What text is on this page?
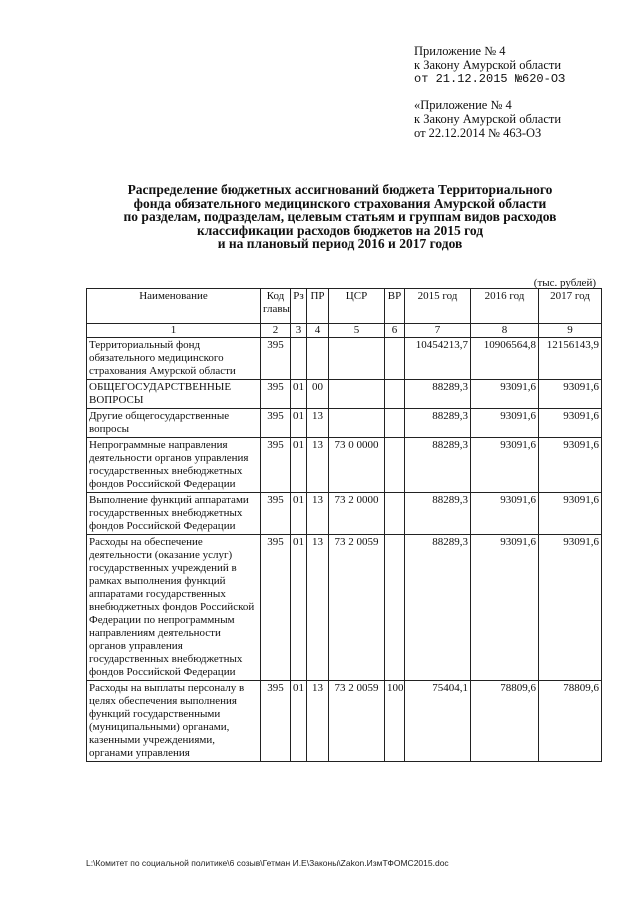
Приложение № 4
к Закону Амурской области
от 21.12.2015 №620-ОЗ
«Приложение № 4
к Закону Амурской области
от 22.12.2014 № 463-ОЗ
Распределение бюджетных ассигнований бюджета Территориального
фонда обязательного медицинского страхования Амурской области
по разделам, подразделам, целевым статьям и группам видов расходов
классификации расходов бюджетов на 2015 год
и на плановый период 2016 и 2017 годов
(тыс. рублей)
Наименование	Код главы	Рз	ПР	ЦСР	ВР	2015 год	2016 год	2017 год
1	2	3	4	5	6	7	8	9
Территориальный фонд обязательного медицинского страхования Амурской области	395					10454213,7	10906564,8	12156143,9
ОБЩЕГОСУДАРСТВЕННЫЕ ВОПРОСЫ	395	01	00			88289,3	93091,6	93091,6
Другие общегосударственные вопросы	395	01	13			88289,3	93091,6	93091,6
Непрограммные направления деятельности органов управления государственных внебюджетных фондов Российской Федерации	395	01	13	73 0 0000		88289,3	93091,6	93091,6
Выполнение функций аппаратами государственных внебюджетных фондов Российской Федерации	395	01	13	73 2 0000		88289,3	93091,6	93091,6
Расходы на обеспечение деятельности (оказание услуг) государственных учреждений в рамках выполнения функций аппаратами государственных внебюджетных фондов Российской Федерации по непрограммным направлениям деятельности органов управления государственных внебюджетных фондов Российской Федерации	395	01	13	73 2 0059		88289,3	93091,6	93091,6
Расходы на выплаты персоналу в целях обеспечения выполнения функций государственными (муниципальными) органами, казенными учреждениями, органами управления	395	01	13	73 2 0059	100	75404,1	78809,6	78809,6
L:\Комитет по социальной политике\6 созыв\Гетман И.Е\Законы\Zakon.ИзмТФОМС2015.doc
